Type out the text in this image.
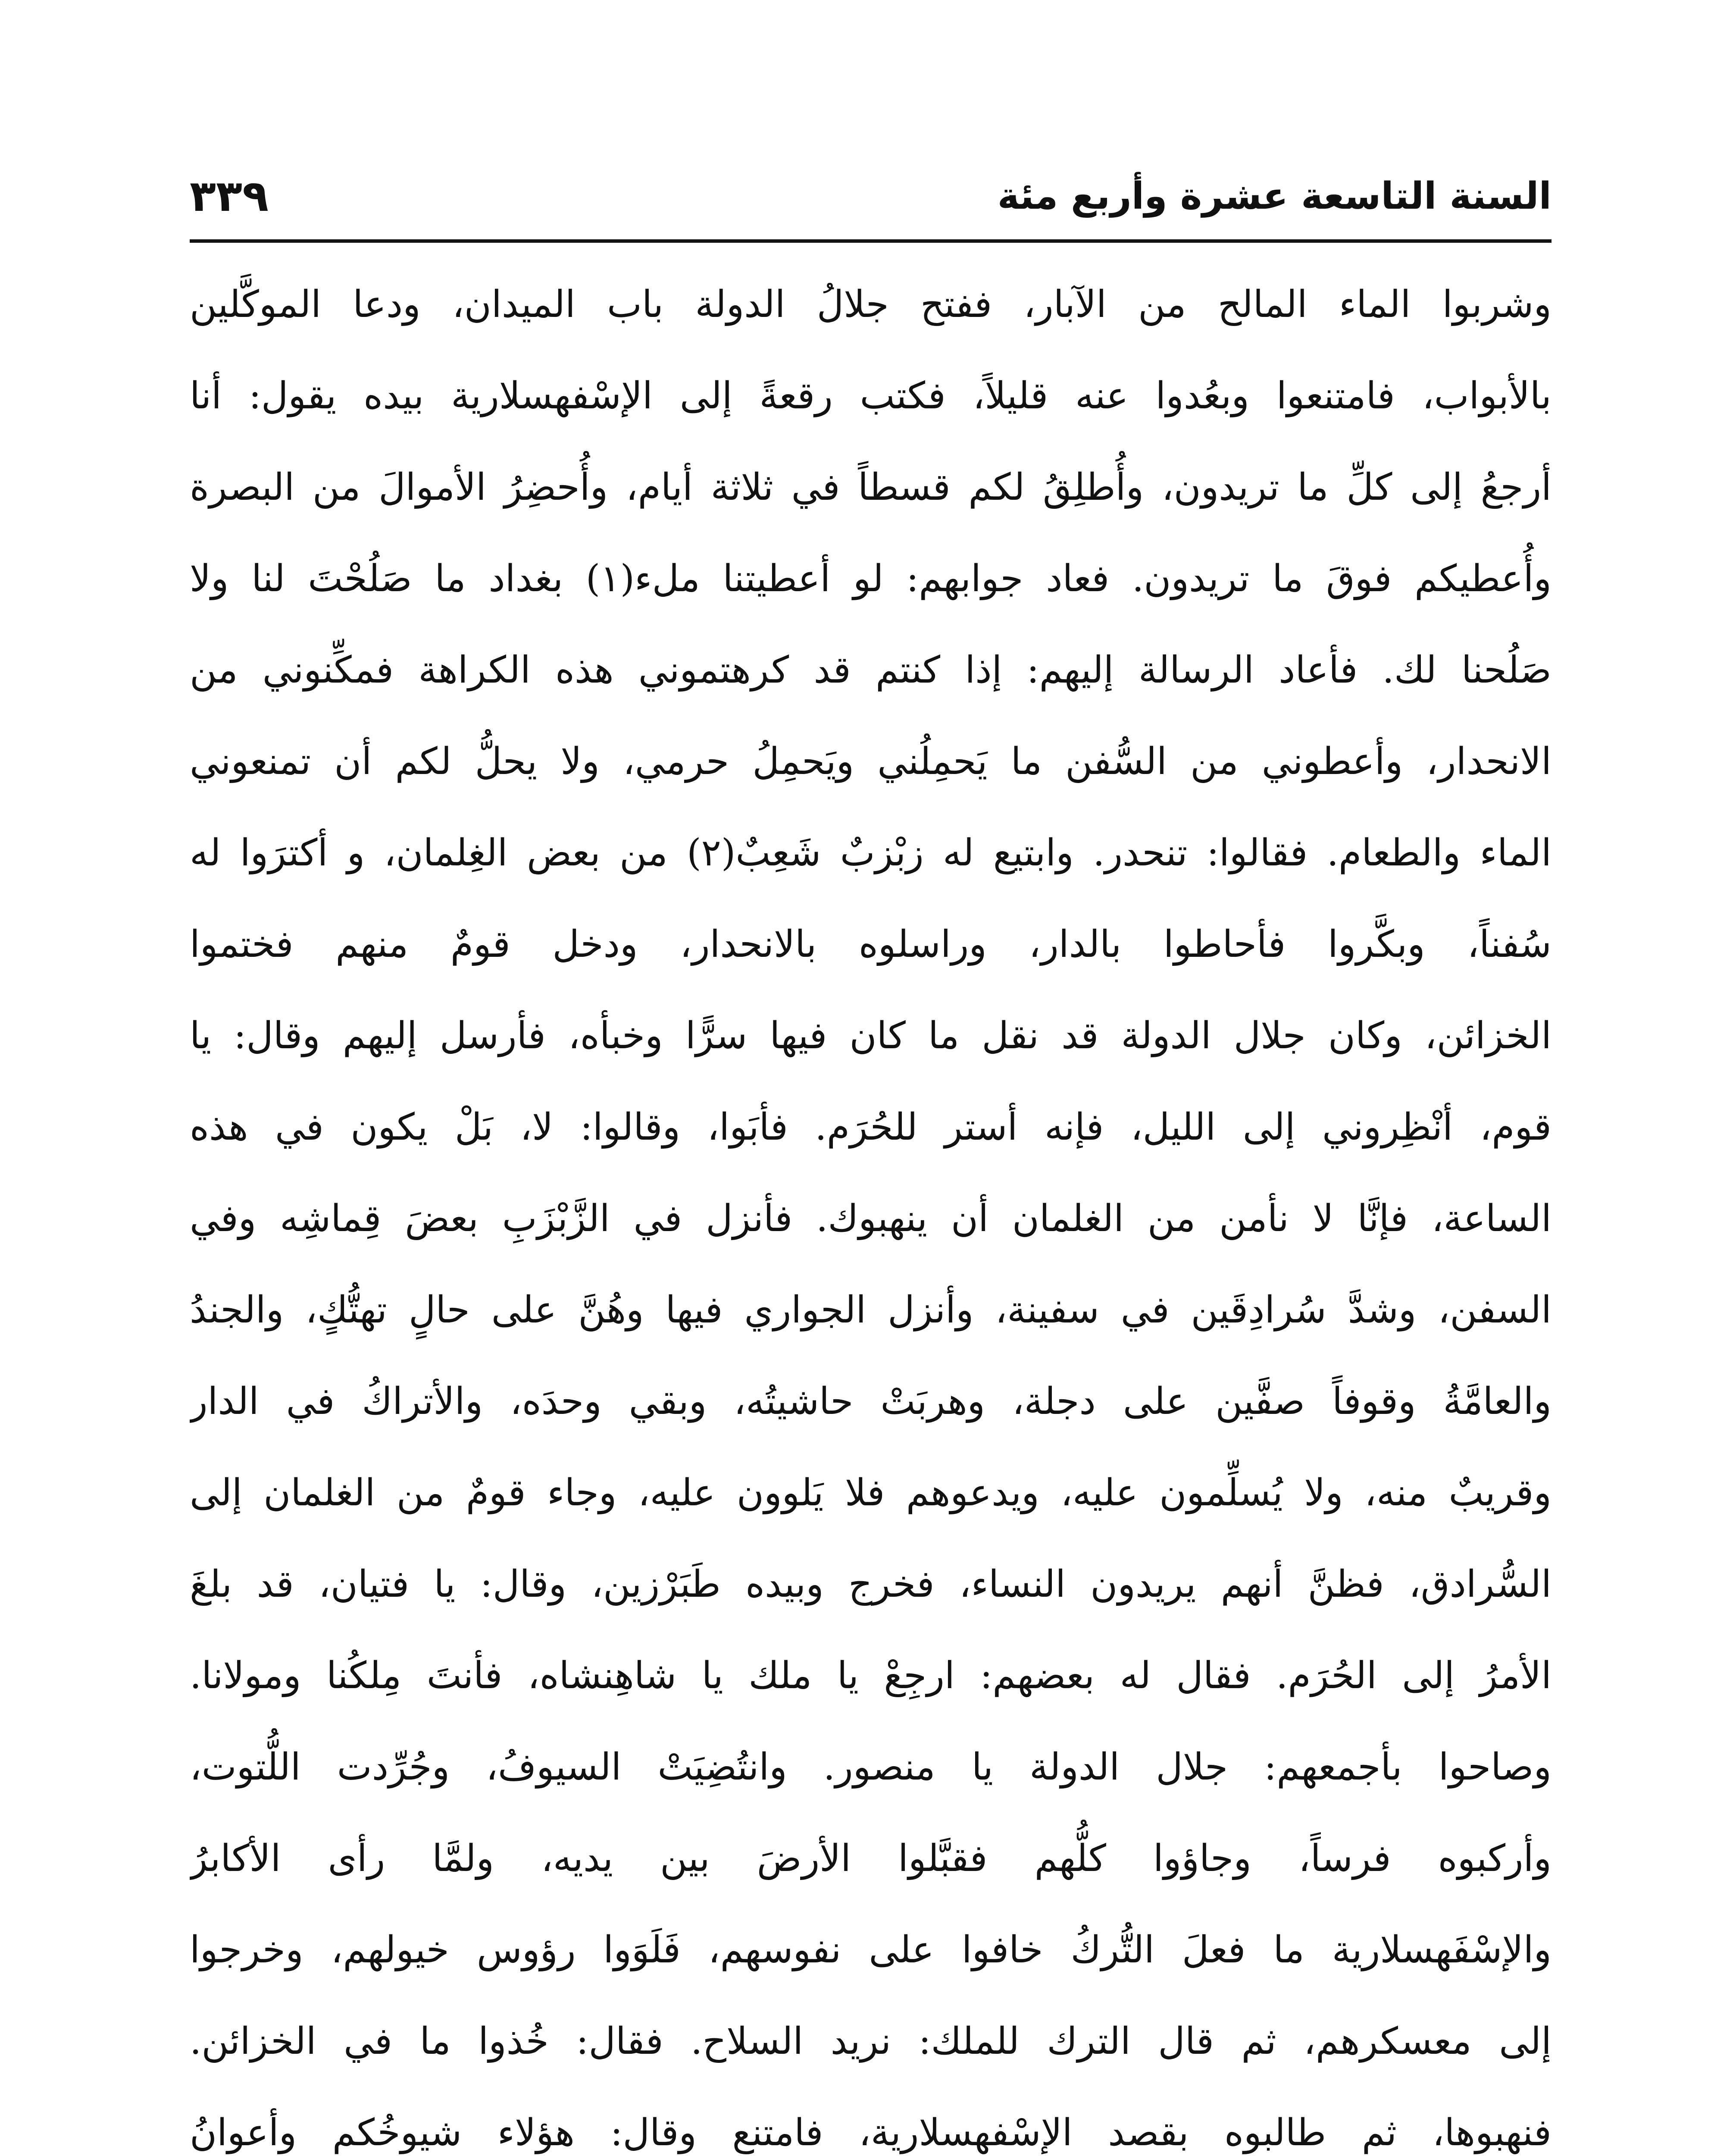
السنة التاسعة عشرة وأربع مئة
٣٣٩
وشربوا الماء المالح من الآبار، ففتح جلالُ الدولة باب الميدان، ودعا الموكَّلين
بالأبواب، فامتنعوا وبعُدوا عنه قليلاً، فكتب رقعةً إلى الإسْفهسلارية بيده يقول: أنا
أرجعُ إلى كلِّ ما تريدون، وأُطلِقُ لكم قسطاً في ثلاثة أيام، وأُحضِرُ الأموالَ من البصرة
وأُعطيكم فوقَ ما تريدون. فعاد جوابهم: لو أعطيتنا ملء(١) بغداد ما صَلُحْتَ لنا ولا
صَلُحنا لك. فأعاد الرسالة إليهم: إذا كنتم قد كرهتموني هذه الكراهة فمكِّنوني من
الانحدار، وأعطوني من السُّفن ما يَحمِلُني ويَحمِلُ حرمي، ولا يحلُّ لكم أن تمنعوني
الماء والطعام. فقالوا: تنحدر. وابتيع له زبْزبٌ شَعِبٌ(٢) من بعض الغِلمان، و أكترَوا له
سُفناً، وبكَّروا فأحاطوا بالدار، وراسلوه بالانحدار، ودخل قومٌ منهم فختموا
الخزائن، وكان جلال الدولة قد نقل ما كان فيها سرًّا وخبأه، فأرسل إليهم وقال: يا
قوم، أنْظِروني إلى الليل، فإنه أستر للحُرَم. فأبَوا، وقالوا: لا، بَلْ يكون في هذه
الساعة، فإنَّا لا نأمن من الغلمان أن ينهبوك. فأنزل في الزَّبْزَبِ بعضَ قِماشِه وفي
السفن، وشدَّ سُرادِقَين في سفينة، وأنزل الجواري فيها وهُنَّ على حالٍ تهتُّكٍ، والجندُ
والعامَّةُ وقوفاً صفَّين على دجلة، وهربَتْ حاشيتُه، وبقي وحدَه، والأتراكُ في الدار
وقريبٌ منه، ولا يُسلِّمون عليه، ويدعوهم فلا يَلوون عليه، وجاء قومٌ من الغلمان إلى
السُّرادق، فظنَّ أنهم يريدون النساء، فخرج وبيده طَبَرْزين، وقال: يا فتيان، قد بلغَ
الأمرُ إلى الحُرَم. فقال له بعضهم: ارجِعْ يا ملك يا شاهِنشاه، فأنتَ مِلكُنا ومولانا.
وصاحوا بأجمعهم: جلال الدولة يا منصور. وانتُضِيَتْ السيوفُ، وجُرِّدت اللُّتوت،
وأركبوه فرساً، وجاؤوا كلُّهم فقبَّلوا الأرضَ بين يديه، ولمَّا رأى الأكابرُ
والإسْفَهسلارية ما فعلَ التُّركُ خافوا على نفوسهم، فَلَوَوا رؤوس خيولهم، وخرجوا
إلى معسكرهم، ثم قال الترك للملك: نريد السلاح. فقال: خُذوا ما في الخزائن.
فنهبوها، ثم طالبوه بقصد الإسْفهسلارية، فامتنع وقال: هؤلاء شيوخُكم وأعوانُ
